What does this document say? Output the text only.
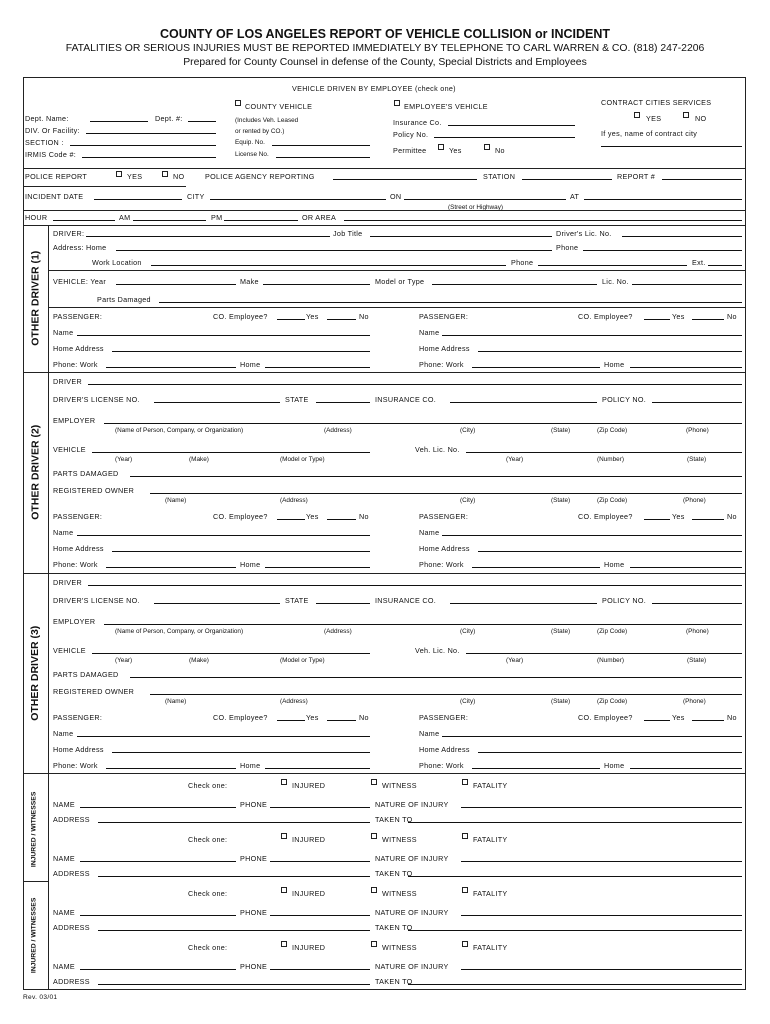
COUNTY OF LOS ANGELES REPORT OF VEHICLE COLLISION or INCIDENT
FATALITIES OR SERIOUS INJURIES MUST BE REPORTED IMMEDIATELY BY TELEPHONE TO CARL WARREN & CO. (818) 247-2206
Prepared for County Counsel in defense of the County, Special Districts and Employees
VEHICLE DRIVEN BY EMPLOYEE (check one)
COUNTY VEHICLE	EMPLOYEE'S VEHICLE	CONTRACT CITIES SERVICES
Dept. Name:	Dept. #:
DIV. Or Facility:
SECTION :
IRMIS Code #:
(Includes Veh. Leased
or rented by CO.)
Equip. No.
License No.
Insurance Co.
Policy No.
Permittee	Yes	No
YES	NO
If yes, name of contract city
POLICE REPORT	YES	NO	POLICE AGENCY REPORTING	STATION	REPORT #
INCIDENT DATE	CITY	ON	AT
(Street or Highway)
HOUR	AM	PM	OR AREA
OTHER DRIVER (1)
DRIVER:	Job Title	Driver's Lic. No.
Address: Home	Phone
Work Location	Phone	Ext.
VEHICLE: Year	Make	Model or Type	Lic. No.
Parts Damaged
PASSENGER:	CO. Employee?	Yes	No	PASSENGER:	CO. Employee?	Yes	No
Name	Name
Home Address	Home Address
Phone: Work	Home	Phone: Work	Home
OTHER DRIVER (2)
DRIVER
DRIVER'S LICENSE NO.	STATE	INSURANCE CO.	POLICY NO.
EMPLOYER
(Name of Person, Company, or Organization)	(Address)	(City)	(State)	(Zip Code)	(Phone)
VEHICLE	Veh. Lic. No.
(Year)	(Make)	(Model or Type)	(Year)	(Number)	(State)
PARTS DAMAGED
REGISTERED OWNER
(Name)	(Address)	(City)	(State)	(Zip Code)	(Phone)
PASSENGER:	CO. Employee?	Yes	No	PASSENGER:	CO. Employee?	Yes	No
Name	Name
Home Address	Home Address
Phone: Work	Home	Phone: Work	Home
OTHER DRIVER (3)
DRIVER
DRIVER'S LICENSE NO.	STATE	INSURANCE CO.	POLICY NO.
EMPLOYER
(Name of Person, Company, or Organization)	(Address)	(City)	(State)	(Zip Code)	(Phone)
VEHICLE	Veh. Lic. No.
(Year)	(Make)	(Model or Type)	(Year)	(Number)	(State)
PARTS DAMAGED
REGISTERED OWNER
(Name)	(Address)	(City)	(State)	(Zip Code)	(Phone)
PASSENGER:	CO. Employee?	Yes	No	PASSENGER:	CO. Employee?	Yes	No
Name	Name
Home Address	Home Address
Phone: Work	Home	Phone: Work	Home
INJURED / WITNESSES
INJURED / WITNESSES
Check one:	INJURED	WITNESS	FATALITY
NAME	PHONE	NATURE OF INJURY
ADDRESS	TAKEN TO
Check one:	INJURED	WITNESS	FATALITY
NAME	PHONE	NATURE OF INJURY
ADDRESS	TAKEN TO
Check one:	INJURED	WITNESS	FATALITY
NAME	PHONE	NATURE OF INJURY
ADDRESS	TAKEN TO
Check one:	INJURED	WITNESS	FATALITY
NAME	PHONE	NATURE OF INJURY
ADDRESS	TAKEN TO
Rev. 03/01
